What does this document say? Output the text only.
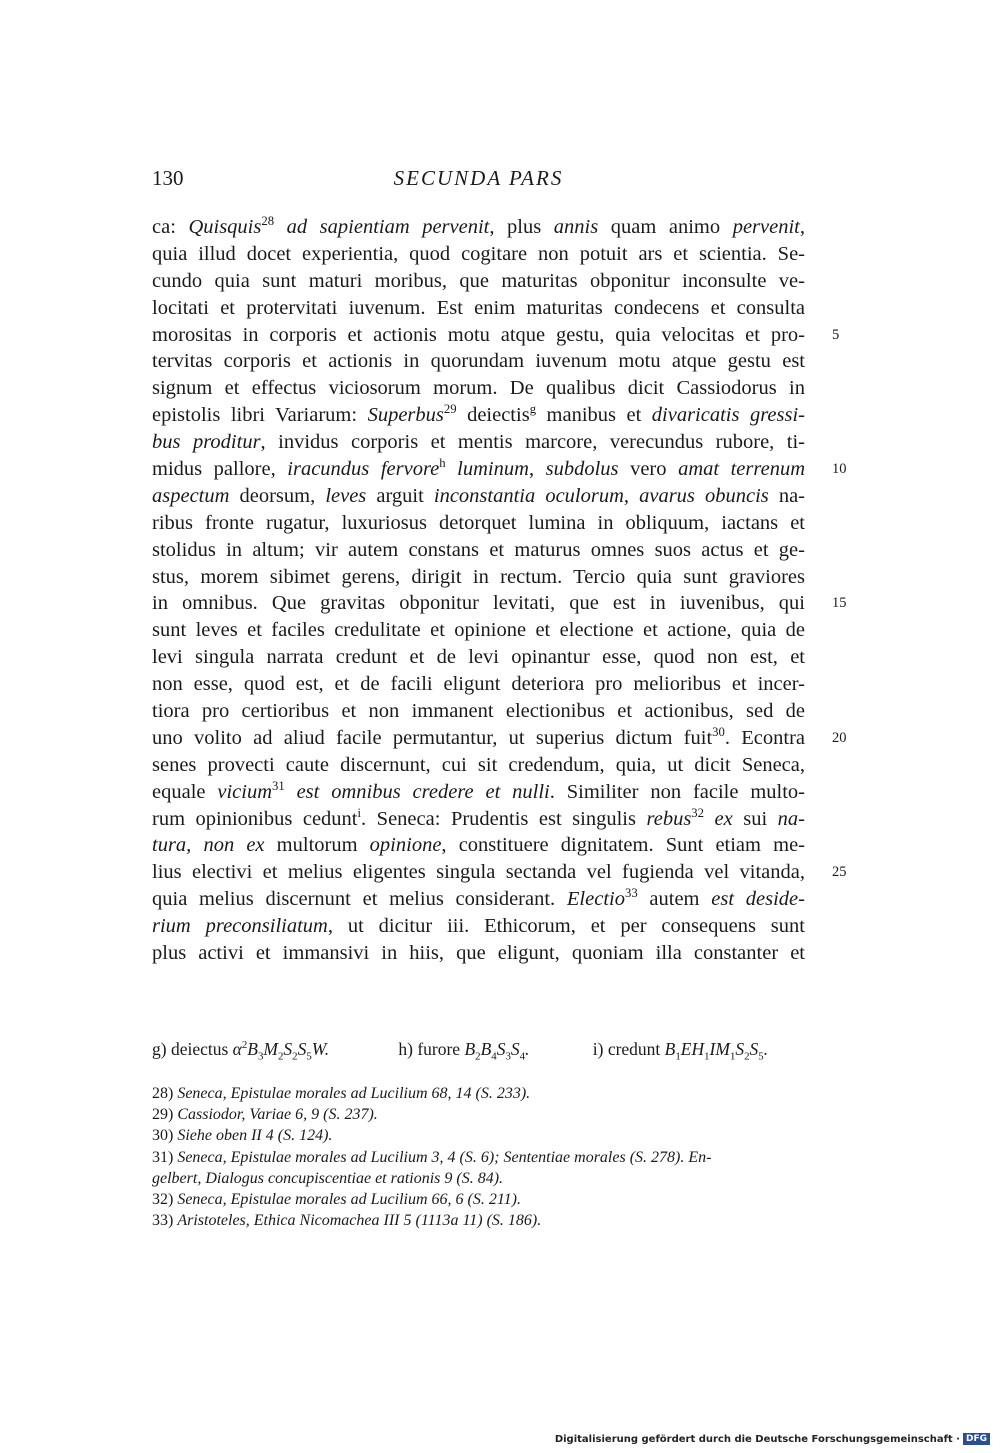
130	SECUNDA PARS
ca: Quisquis$^{28}$ ad sapientiam pervenit, plus annis quam animo pervenit,
quia illud docet experientia, quod cogitare non potuit ars et scientia. Se-
cundo quia sunt maturi moribus, que maturitas obponitur inconsulte ve-
locitati et protervitati iuvenum. Est enim maturitas condecens et consulta
morositas in corporis et actionis motu atque gestu, quia velocitas et pro- 5
tervitas corporis et actionis in quorundam iuvenum motu atque gestu est
signum et effectus viciosorum morum. De qualibus dicit Cassiodorus in
epistolis libri Variarum: Superbus$^{29}$ deiectis$^g$ manibus et divaricatis gressi-
bus proditur, invidus corporis et mentis marcore, verecundus rubore, ti-
midus pallore, iracundus fervore$^h$ luminum, subdolus vero amat terrenum 10
aspectum deorsum, leves arguit inconstantia oculorum, avarus obuncis na-
ribus fronte rugatur, luxuriosus detorquet lumina in obliquum, iactans et
stolidus in altum; vir autem constans et maturus omnes suos actus et ge-
stus, morem sibimet gerens, dirigit in rectum. Tercio quia sunt graviores
in omnibus. Que gravitas obponitur levitati, que est in iuvenibus, qui 15
sunt leves et faciles credulitate et opinione et electione et actione, quia de
levi singula narrata credunt et de levi opinantur esse, quod non est, et
non esse, quod est, et de facili eligunt deteriora pro melioribus et incer-
tiora pro certioribus et non immanent electionibus et actionibus, sed de
uno volito ad aliud facile permutantur, ut superius dictum fuit$^{30}$. Econtra 20
senes provecti caute discernunt, cui sit credendum, quia, ut dicit Seneca,
equale vicium$^{31}$ est omnibus credere et nulli. Similiter non facile multo-
rum opinionibus cedunt$^i$. Seneca: Prudentis est singulis rebus$^{32}$ ex sui na-
tura, non ex multorum opinione, constituere dignitatem. Sunt etiam me-
lius electivi et melius eligentes singula sectanda vel fugienda vel vitanda, 25
quia melius discernunt et melius considerant. Electio$^{33}$ autem est deside-
rium preconsiliatum, ut dicitur iii. Ethicorum, et per consequens sunt
plus activi et immansivi in hiis, que eligunt, quoniam illa constanter et
g) deiectus $\alpha^2B_3M_2S_2S_5W$.	h) furore $B_2B_4S_3S_4$.	i) credunt $B_1EH_1IM_1S_2S_5$.
28) Seneca, Epistulae morales ad Lucilium 68, 14 (S. 233).
29) Cassiodor, Variae 6, 9 (S. 237).
30) Siehe oben II 4 (S. 124).
31) Seneca, Epistulae morales ad Lucilium 3, 4 (S. 6); Sententiae morales (S. 278). En-
gelbert, Dialogus concupiscentiae et rationis 9 (S. 84).
32) Seneca, Epistulae morales ad Lucilium 66, 6 (S. 211).
33) Aristoteles, Ethica Nicomachea III 5 (1113a 11) (S. 186).
Digitalisierung gefördert durch die Deutsche Forschungsgemeinschaft · DFG
